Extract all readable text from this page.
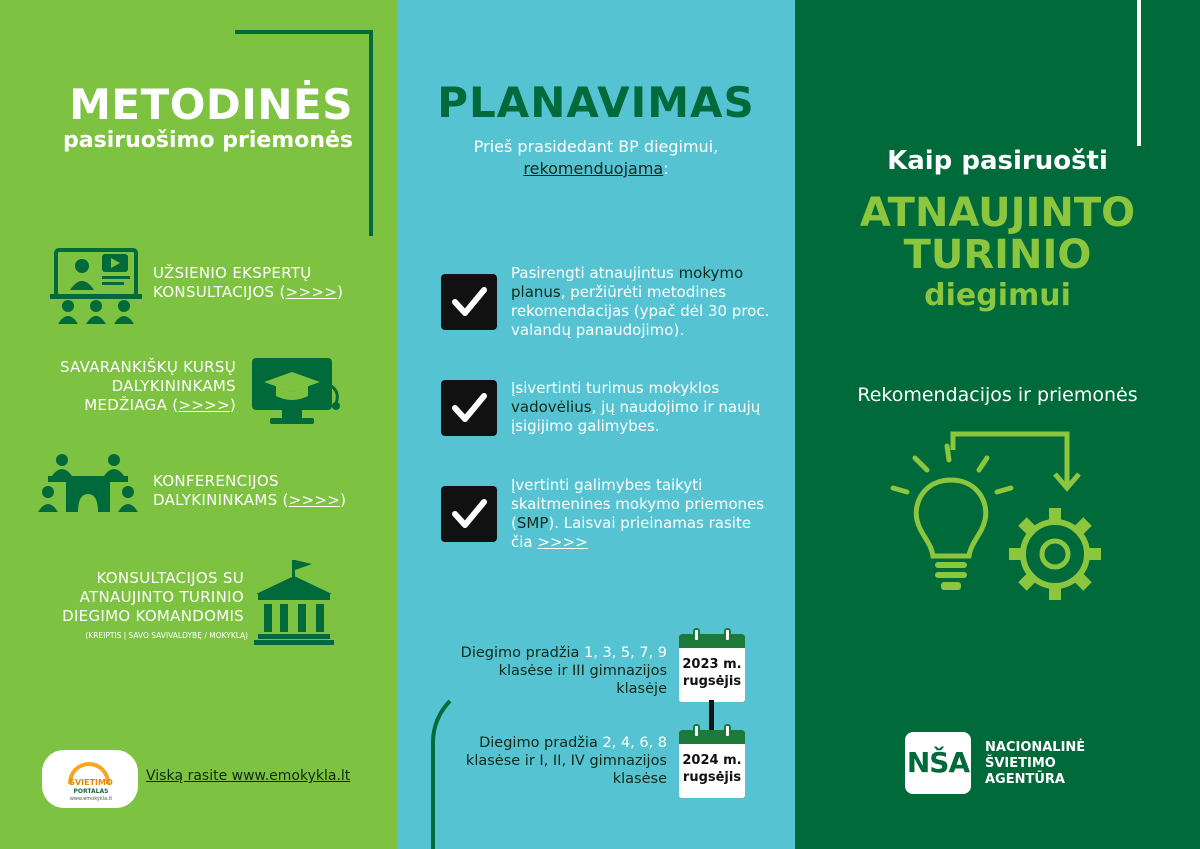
METODINĖS
pasiruošimo priemonės
UŽSIENIO EKSPERTŲ
KONSULTACIJOS (>>>>)
SAVARANKIŠKŲ KURSŲ
DALYKININKAMS
MEDŽIAGA (>>>>)
KONFERENCIJOS
DALYKININKAMS (>>>>)
KONSULTACIJOS SU
ATNAUJINTO TURINIO
DIEGIMO KOMANDOMIS
(KREIPTIS Į SAVO SAVIVALDYBĘ / MOKYKLĄ)
ŠVIETIMO
PORTALAS
www.emokykla.lt
Viską rasite www.emokykla.lt
PLANAVIMAS
Prieš prasidedant BP diegimui,
rekomenduojama:
Pasirengti atnaujintus mokymo planus, peržiūrėti metodines rekomendacijas (ypač dėl 30 proc. valandų panaudojimo).
Įsivertinti turimus mokyklos vadovėlius, jų naudojimo ir naujų įsigijimo galimybes.
Įvertinti galimybes taikyti skaitmenines mokymo priemones (SMP). Laisvai prieinamas rasite čia >>>>
Diegimo pradžia 1, 3, 5, 7, 9 klasėse ir III gimnazijos klasėje
2023 m.
rugsėjis
Diegimo pradžia 2, 4, 6, 8 klasėse ir I, II, IV gimnazijos klasėse
2024 m.
rugsėjis
Kaip pasiruošti
ATNAUJINTO
TURINIO
diegimui
Rekomendacijos ir priemonės
NŠA NACIONALINĖ
ŠVIETIMO
AGENTŪRA
